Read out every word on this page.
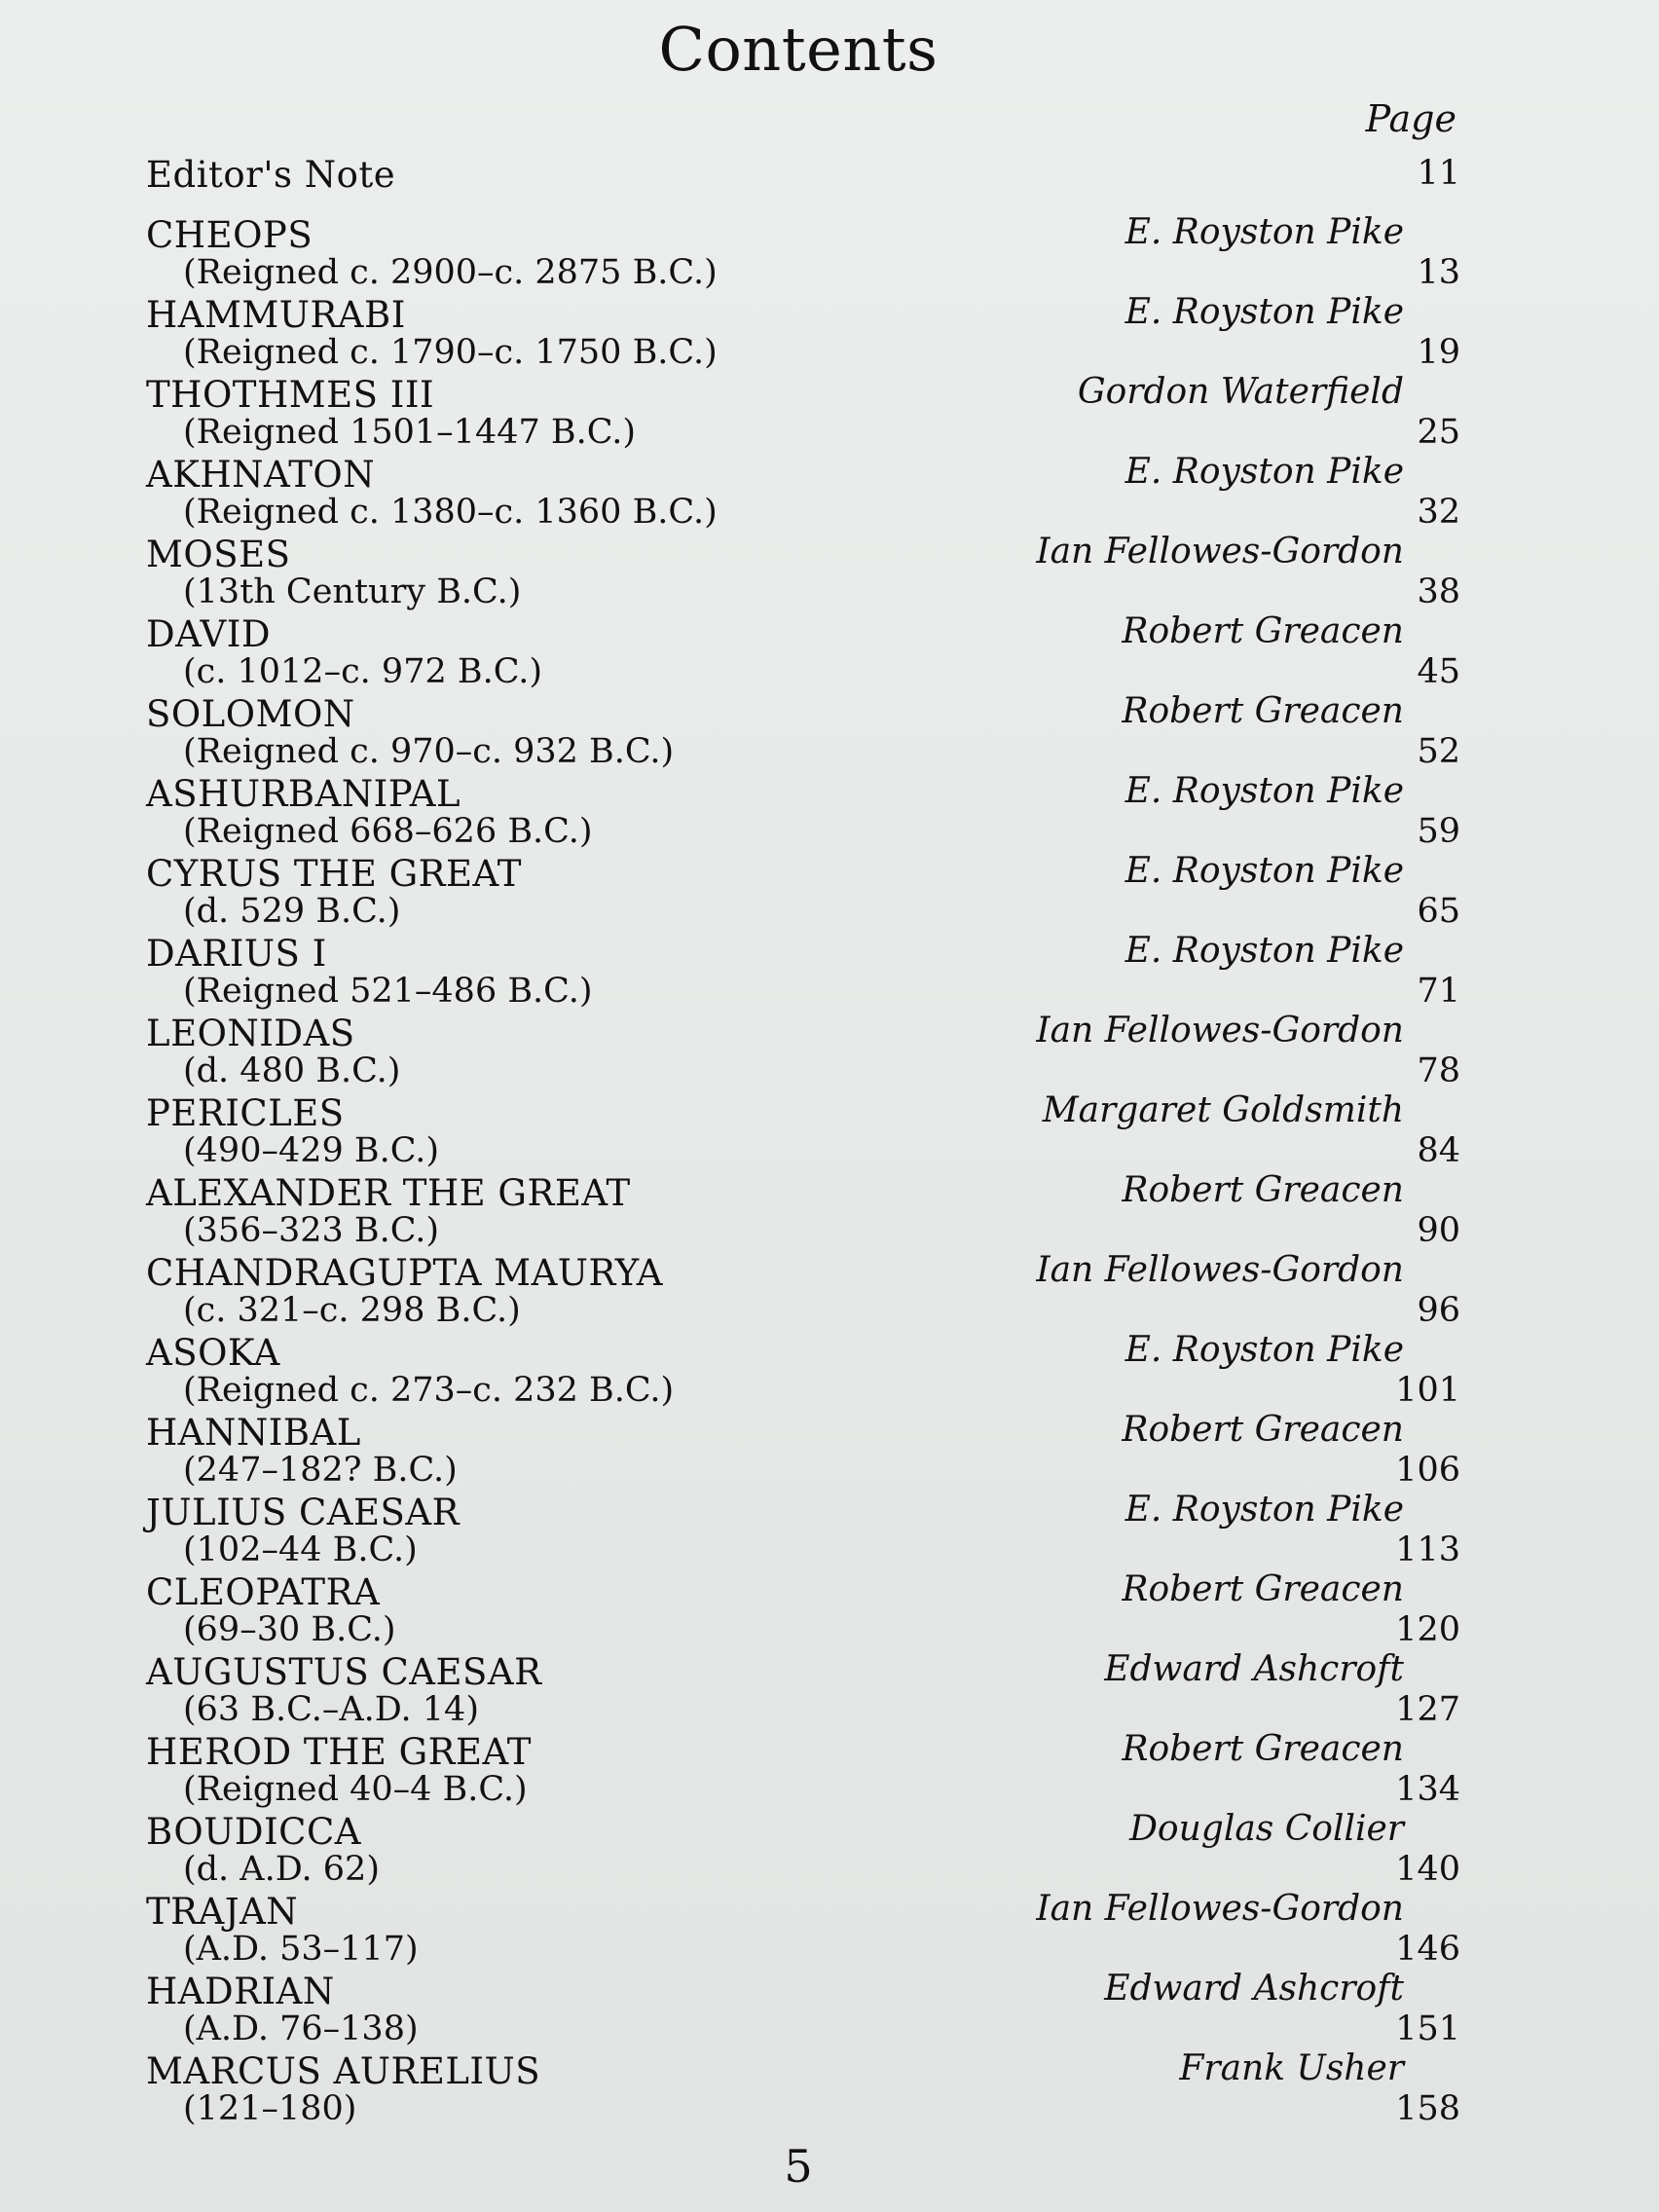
Contents
Page
Editor's Note	11
CHEOPS
(Reigned c. 2900–c. 2875 B.C.)
E. Royston Pike
13
HAMMURABI
(Reigned c. 1790–c. 1750 B.C.)
E. Royston Pike
19
THOTHMES III
(Reigned 1501–1447 B.C.)
Gordon Waterfield
25
AKHNATON
(Reigned c. 1380–c. 1360 B.C.)
E. Royston Pike
32
MOSES
(13th Century B.C.)
Ian Fellowes-Gordon
38
DAVID
(c. 1012–c. 972 B.C.)
Robert Greacen
45
SOLOMON
(Reigned c. 970–c. 932 B.C.)
Robert Greacen
52
ASHURBANIPAL
(Reigned 668–626 B.C.)
E. Royston Pike
59
CYRUS THE GREAT
(d. 529 B.C.)
E. Royston Pike
65
DARIUS I
(Reigned 521–486 B.C.)
E. Royston Pike
71
LEONIDAS
(d. 480 B.C.)
Ian Fellowes-Gordon
78
PERICLES
(490–429 B.C.)
Margaret Goldsmith
84
ALEXANDER THE GREAT
(356–323 B.C.)
Robert Greacen
90
CHANDRAGUPTA MAURYA
(c. 321–c. 298 B.C.)
Ian Fellowes-Gordon
96
ASOKA
(Reigned c. 273–c. 232 B.C.)
E. Royston Pike
101
HANNIBAL
(247–182? B.C.)
Robert Greacen
106
JULIUS CAESAR
(102–44 B.C.)
E. Royston Pike
113
CLEOPATRA
(69–30 B.C.)
Robert Greacen
120
AUGUSTUS CAESAR
(63 B.C.–A.D. 14)
Edward Ashcroft
127
HEROD THE GREAT
(Reigned 40–4 B.C.)
Robert Greacen
134
BOUDICCA
(d. A.D. 62)
Douglas Collier
140
TRAJAN
(A.D. 53–117)
Ian Fellowes-Gordon
146
HADRIAN
(A.D. 76–138)
Edward Ashcroft
151
MARCUS AURELIUS
(121–180)
Frank Usher
158
5
